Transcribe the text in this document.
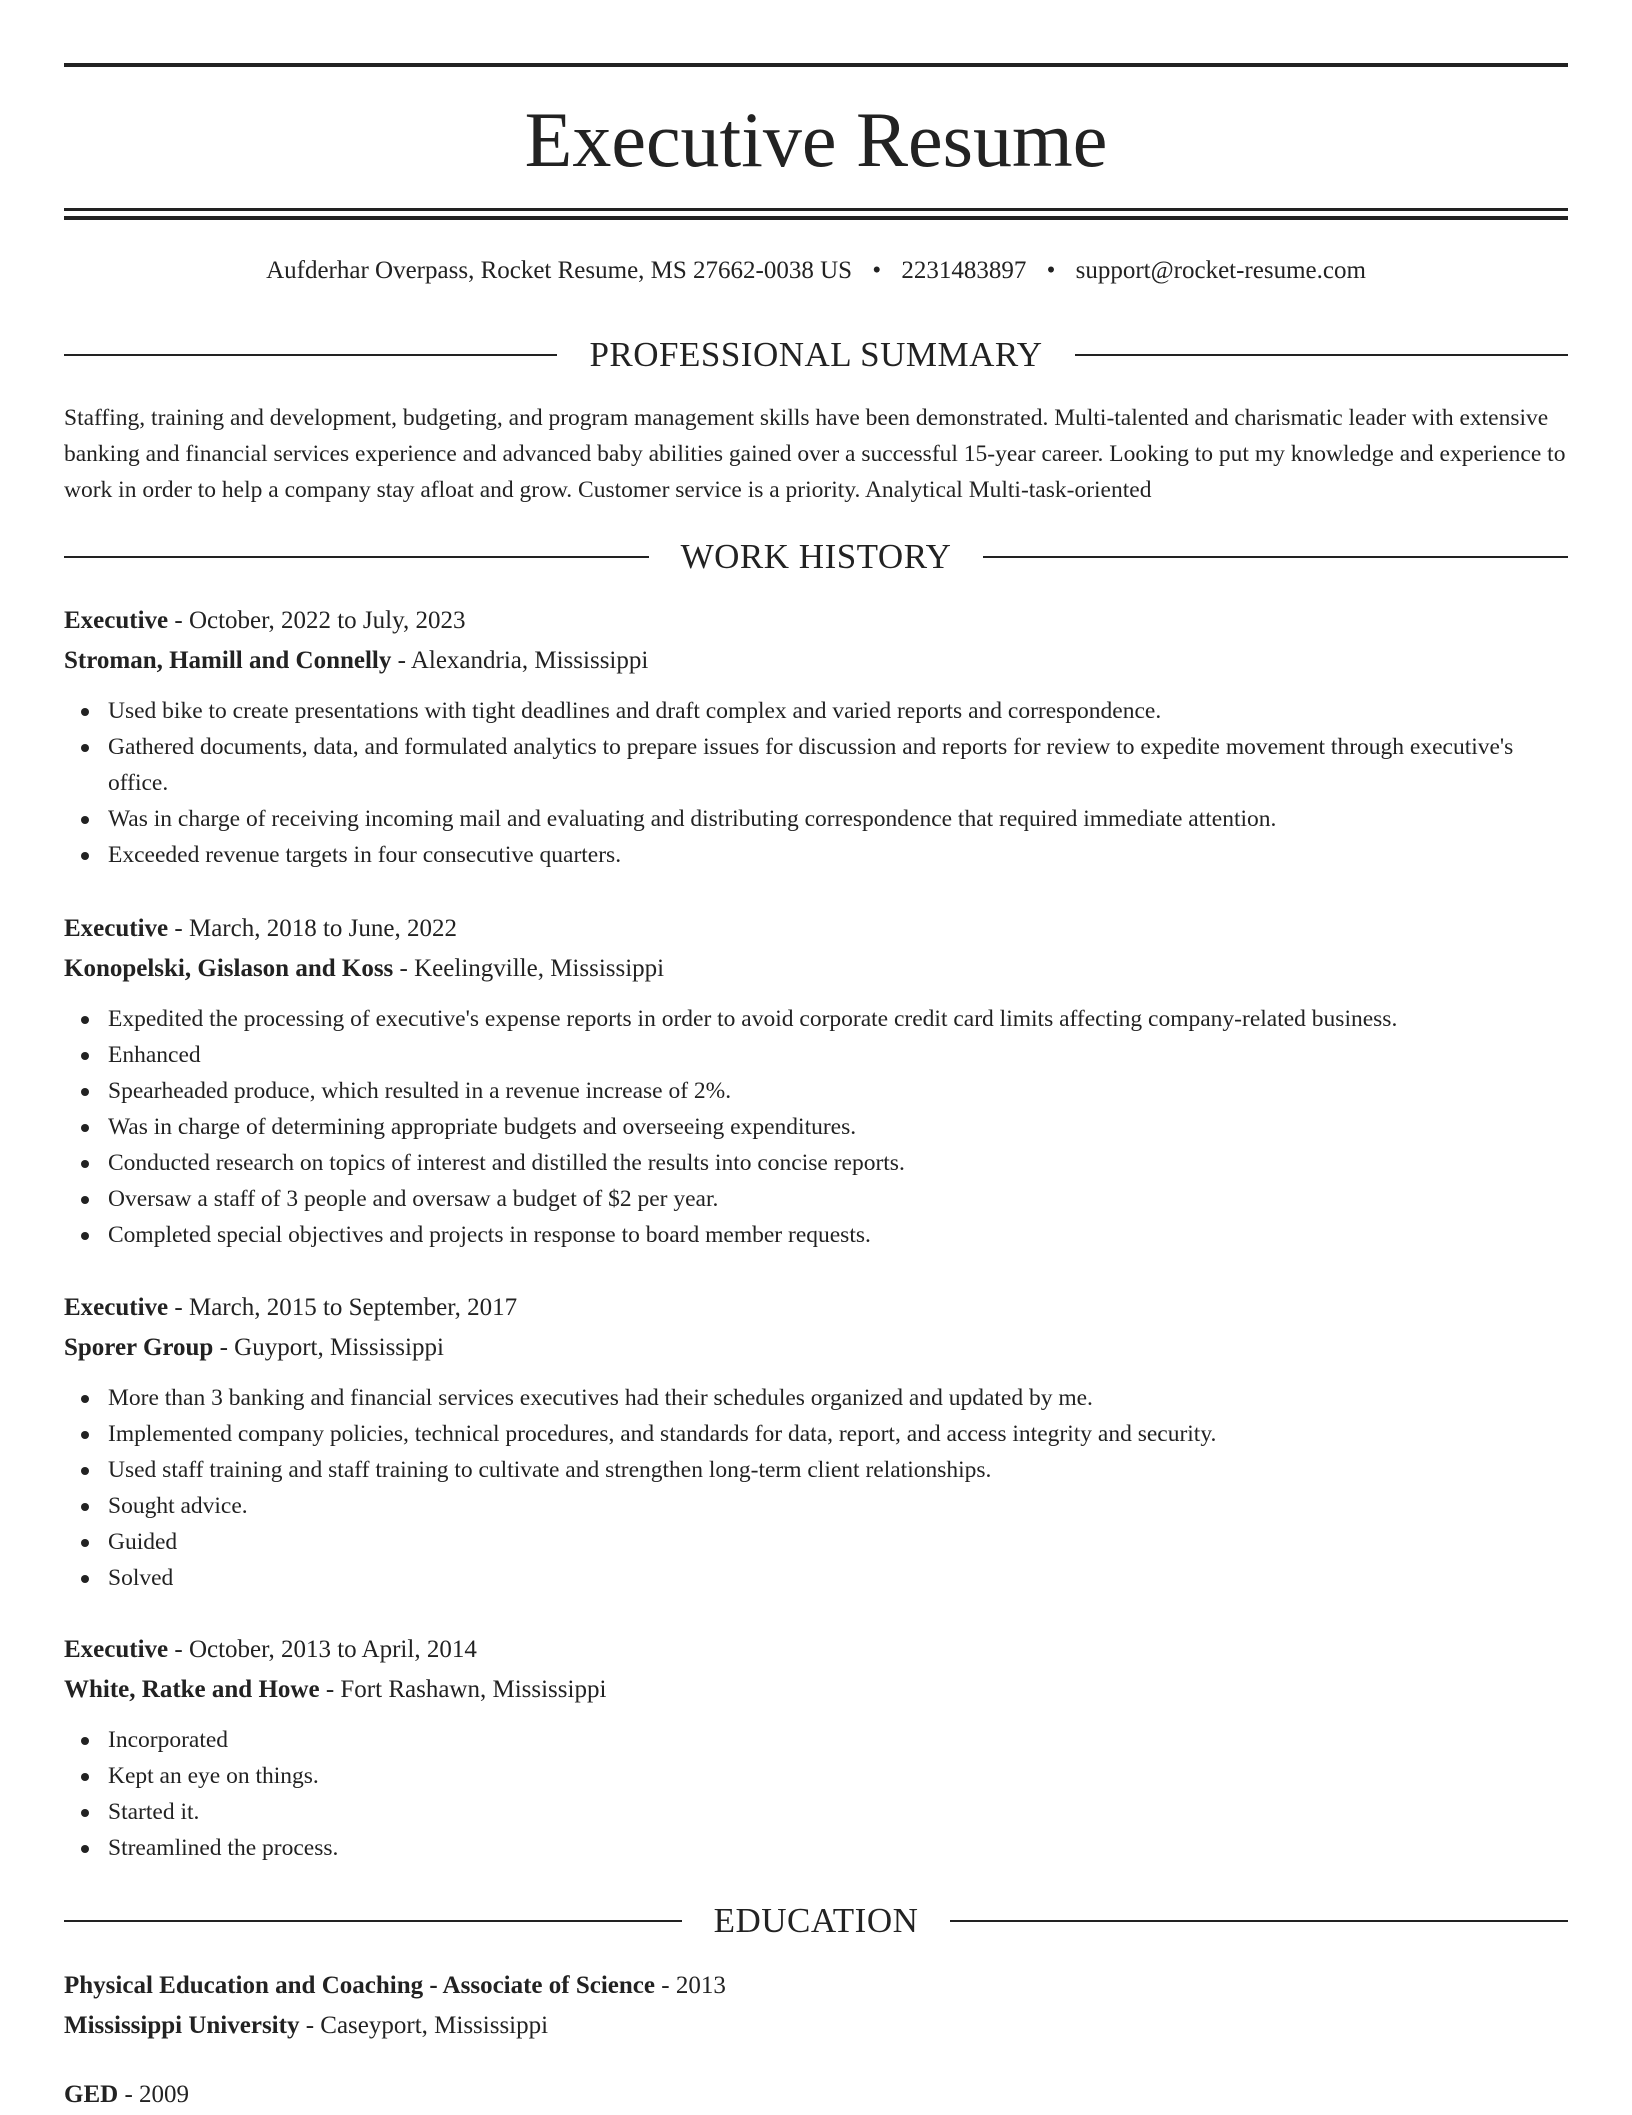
Executive Resume
Aufderhar Overpass, Rocket Resume, MS 27662-0038 US • 2231483897 • support@rocket-resume.com
PROFESSIONAL SUMMARY

Staffing, training and development, budgeting, and program management skills have been demonstrated. Multi-talented and charismatic leader with extensive banking and financial services experience and advanced baby abilities gained over a successful 15-year career. Looking to put my knowledge and experience to work in order to help a company stay afloat and grow. Customer service is a priority. Analytical Multi-task-oriented

WORK HISTORY
Executive - October, 2022 to July, 2023
Stroman, Hamill and Connelly - Alexandria, Mississippi
Used bike to create presentations with tight deadlines and draft complex and varied reports and correspondence.
Gathered documents, data, and formulated analytics to prepare issues for discussion and reports for review to expedite movement through executive's office.
Was in charge of receiving incoming mail and evaluating and distributing correspondence that required immediate attention.
Exceeded revenue targets in four consecutive quarters.
Executive - March, 2018 to June, 2022
Konopelski, Gislason and Koss - Keelingville, Mississippi
Expedited the processing of executive's expense reports in order to avoid corporate credit card limits affecting company-related business.
Enhanced
Spearheaded produce, which resulted in a revenue increase of 2%.
Was in charge of determining appropriate budgets and overseeing expenditures.
Conducted research on topics of interest and distilled the results into concise reports.
Oversaw a staff of 3 people and oversaw a budget of $2 per year.
Completed special objectives and projects in response to board member requests.
Executive - March, 2015 to September, 2017
Sporer Group - Guyport, Mississippi
More than 3 banking and financial services executives had their schedules organized and updated by me.
Implemented company policies, technical procedures, and standards for data, report, and access integrity and security.
Used staff training and staff training to cultivate and strengthen long-term client relationships.
Sought advice.
Guided
Solved
Executive - October, 2013 to April, 2014
White, Ratke and Howe - Fort Rashawn, Mississippi
Incorporated
Kept an eye on things.
Started it.
Streamlined the process.
EDUCATION
Physical Education and Coaching - Associate of Science - 2013
Mississippi University - Caseyport, Mississippi
GED - 2009
